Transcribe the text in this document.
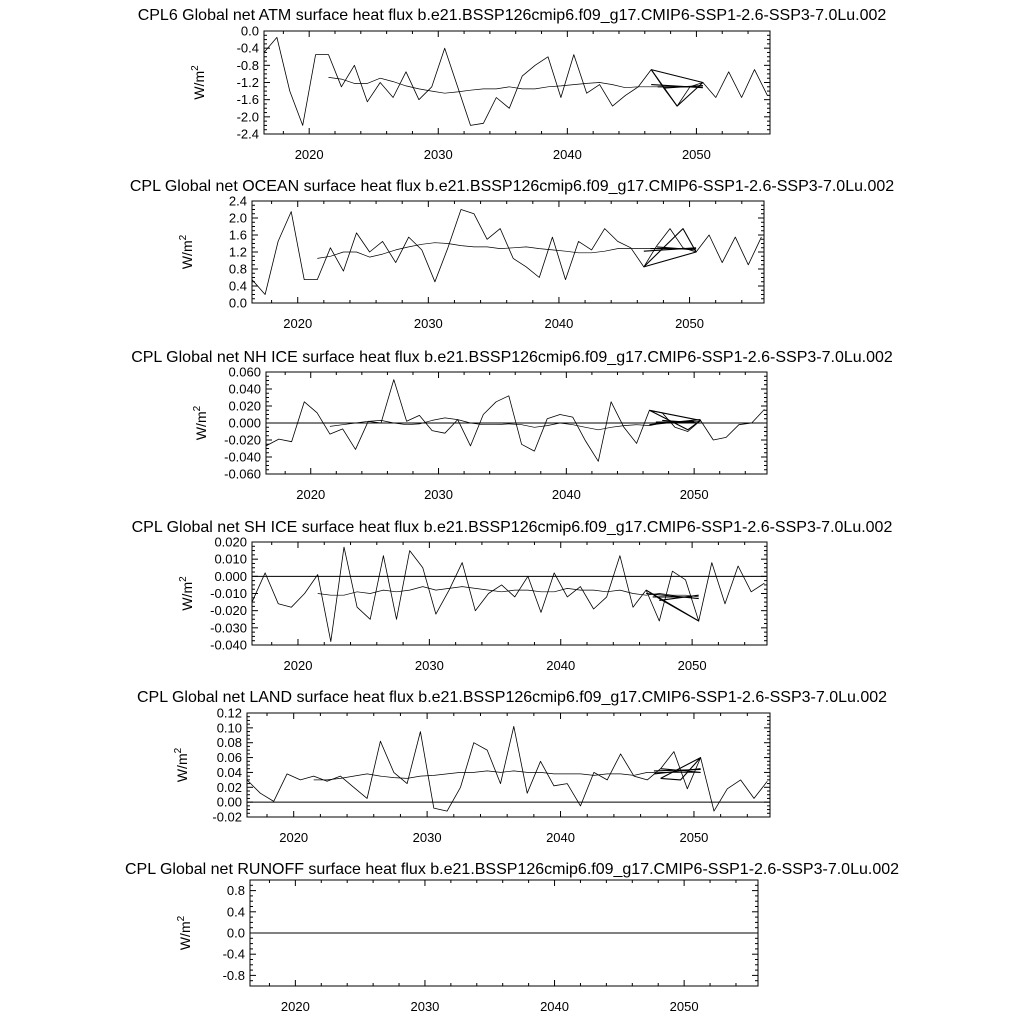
CPL6 Global net ATM surface heat flux b.e21.BSSP126cmip6.f09_g17.CMIP6-SSP1-2.6-SSP3-7.0Lu.002
-2.4
-2.0
-1.6
-1.2
-0.8
-0.4
0.0
2020	2030	2040	2050
$W/m^2$
CPL Global net OCEAN surface heat flux b.e21.BSSP126cmip6.f09_g17.CMIP6-SSP1-2.6-SSP3-7.0Lu.002
0.0
0.4
0.8
1.2
1.6
2.0
2.4
2020	2030	2040	2050
$W/m^2$
CPL Global net NH ICE surface heat flux b.e21.BSSP126cmip6.f09_g17.CMIP6-SSP1-2.6-SSP3-7.0Lu.002
-0.060
-0.040
-0.020
0.000
0.020
0.040
0.060
2020	2030	2040	2050
$W/m^2$
CPL Global net SH ICE surface heat flux b.e21.BSSP126cmip6.f09_g17.CMIP6-SSP1-2.6-SSP3-7.0Lu.002
-0.040
-0.030
-0.020
-0.010
0.000
0.010
0.020
2020	2030	2040	2050
$W/m^2$
CPL Global net LAND surface heat flux b.e21.BSSP126cmip6.f09_g17.CMIP6-SSP1-2.6-SSP3-7.0Lu.002
-0.02
0.00
0.02
0.04
0.06
0.08
0.10
0.12
2020	2030	2040	2050
$W/m^2$
CPL Global net RUNOFF surface heat flux b.e21.BSSP126cmip6.f09_g17.CMIP6-SSP1-2.6-SSP3-7.0Lu.002
-0.8
-0.4
0.0
0.4
0.8
2020	2030	2040	2050
$W/m^2$
